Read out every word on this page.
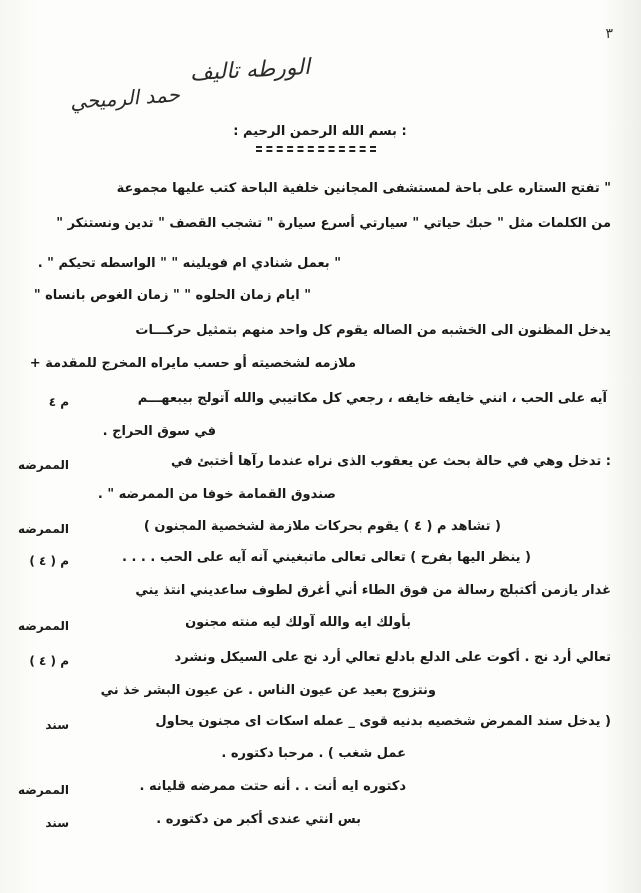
٣
الورطه تاليف
حمد الرميحي
: بسم الله الرحمن الرحيم :
" تفتح الستاره على باحة لمستشفى المجانين خلفية الباحة كتب عليها مجموعة
من الكلمات مثل " حبك حياتي " سيارتي أسرع سيارة " تشجب القصف " تدين ونستنكر "
" بعمل شنادي ام فويلينه " " الواسطه تحيكم " .
" ايام زمان الحلوه " " زمان الغوص بانساه "
يدخل المظنون الى الخشبه من الصاله يقوم كل واحد منهم بتمثيل حركـــات
ملازمه لشخصيته أو حسب مايراه المخرج للمقدمة +
م ٤	آيه على الحب ، انني خايفه خايفه ، رجعي كل مكاتيبي والله آتولج بيبعهـــم
في سوق الحراج .
الممرضه	: تدخل وهي في حالة بحث عن يعقوب الذى نراه عندما رآها أختبئ في
صندوق القمامة خوفا من الممرضه " .
الممرضه	( تشاهد م ( ٤ ) يقوم بحركات ملازمة لشخصية المجنون )
م ( ٤ )	( ينظر اليها بفرح ) تعالى تعالى ماتبغيني آنه آيه على الحب . . . .
غدار يازمن أكتبلج رسالة من فوق الطاء أني أغرق لطوف ساعديني انتذ يني
الممرضه	بأولك ايه والله آولك ليه منته مجنون
م ( ٤ )	تعالي أرد نج . أكوت على الدلع بادلع تعالي أرد نج على السيكل ونشرد
ونتزوج بعيد عن عيون الناس . عن عيون البشر خذ ني
سند	( يدخل سند الممرض شخصيه بدنيه قوى _ عمله اسكات اى مجنون يحاول
عمل شغب ) . مرحبا دكتوره .
الممرضه	دكتوره ايه أنت . . أنه حتت ممرضه قليانه .
سند	بس انتي عندى أكبر من دكتوره .
